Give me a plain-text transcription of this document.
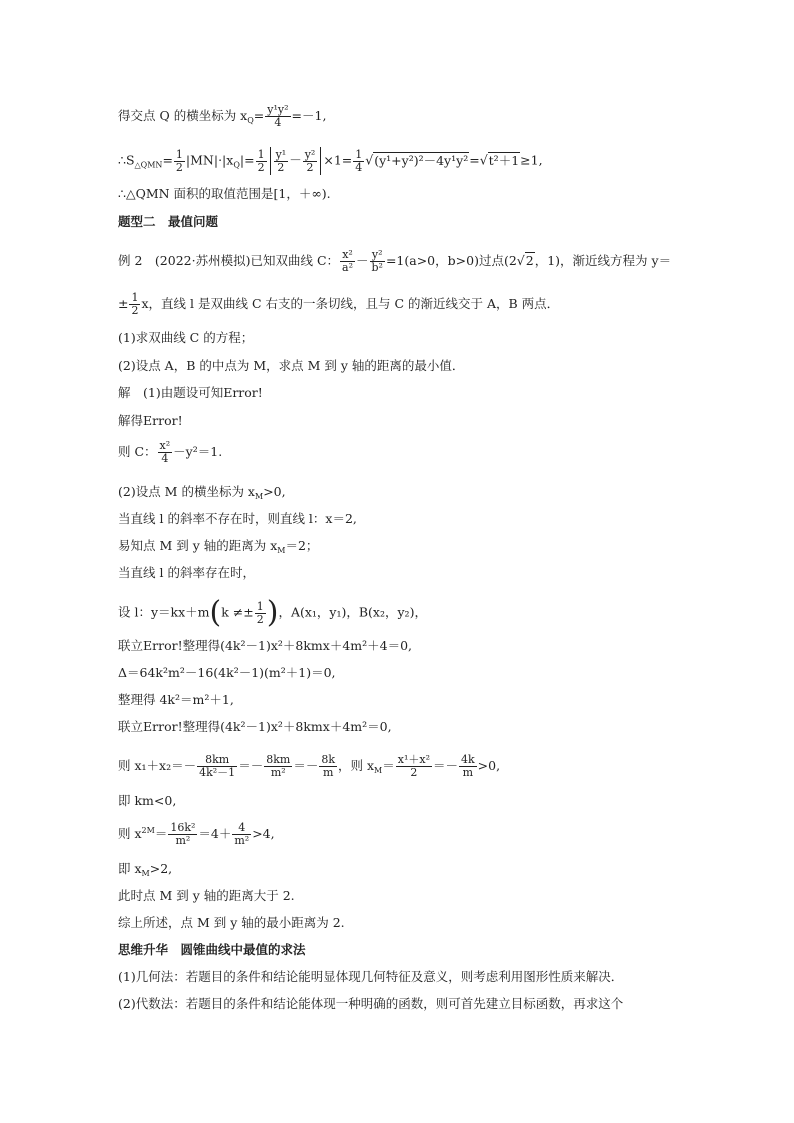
得交点 Q 的横坐标为 $x_Q= \frac{\text{y¹y²}}{4} =-1$,
$\therefore S_{\triangle QMN}= \frac{1}{2} |MN|\cdot|x_Q|= \frac{1}{2} \frac{\text{y¹}}{2} - \frac{\text{y²}}{2} \times 1= \frac{1}{4} √(y^1+y^2)^2-4y^1y^2=√t^2+1\ge 1$,
∴△QMN 面积的取值范围是[1，＋∞).
题型二　最值问题
例 2　(2022·苏州模拟)已知双曲线 C： $\frac{\text{x²}}{\text{a²}} - \frac{\text{y²}}{\text{b²}} =1(a>0$，b>0)过点(2√2，1)，渐近线方程为 y＝
± $\frac{1}{2}$ x，直线 l 是双曲线 C 右支的一条切线，且与 C 的渐近线交于 A，B 两点．
(1)求双曲线 C 的方程；
(2)设点 A，B 的中点为 M，求点 M 到 y 轴的距离的最小值．
解　(1)由题设可知Error!
解得Error!
则 C： $\frac{\text{x²}}{4} -y^2=1$.
(2)设点 M 的横坐标为 $x_M>0$,
当直线 l 的斜率不存在时，则直线 l：x＝2,
易知点 M 到 y 轴的距离为 $x_M=2$；
当直线 l 的斜率存在时，
设 l：$y=kx+m(k \ne\pm \frac{1}{2}$ )，A(x₁，y₁)，B(x₂，y₂)，
联立Error!整理得(4k²－1)x²＋8kmx＋4m²＋4＝0,
Δ＝64k²m²－16(4k²－1)(m²＋1)＝0,
整理得 4k²＝m²＋1,
联立Error!整理得(4k²－1)x²＋8kmx＋4m²＝0,
则 $x_1+x_2=- \frac{8km}{\text{4k²－1}} =- \frac{8km}{\text{m²}} =- \frac{8k}{m}$ ，则 $x_M= \frac{\text{x¹＋x²}}{2} =- \frac{4k}{m} >0$,
即 km<0,
则 $x^{2M}= \frac{\text{16k²}}{\text{m²}} =4+ \frac{4}{\text{m²}} >4$,
即 $x_M>2$,
此时点 M 到 y 轴的距离大于 2.
综上所述，点 M 到 y 轴的最小距离为 2.
思维升华　圆锥曲线中最值的求法
(1)几何法：若题目的条件和结论能明显体现几何特征及意义，则考虑利用图形性质来解决．
(2)代数法：若题目的条件和结论能体现一种明确的函数，则可首先建立目标函数，再求这个
